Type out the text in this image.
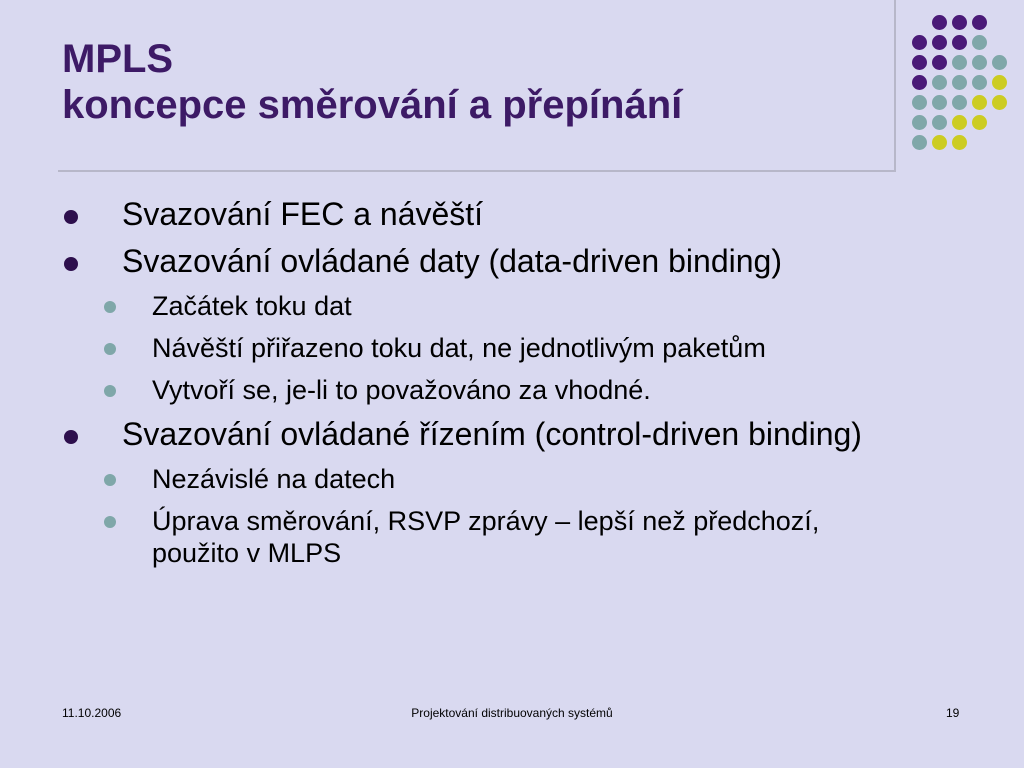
MPLS
koncepce směrování a přepínání
Svazování FEC a návěští
Svazování ovládané daty (data-driven binding)
Začátek toku dat
Návěští přiřazeno toku dat, ne jednotlivým paketům
Vytvoří se, je-li to považováno za vhodné.
Svazování ovládané řízením (control-driven binding)
Nezávislé na datech
Úprava směrování, RSVP zprávy – lepší než předchozí, použito v MLPS
11.10.2006	Projektování distribuovaných systémů	19
